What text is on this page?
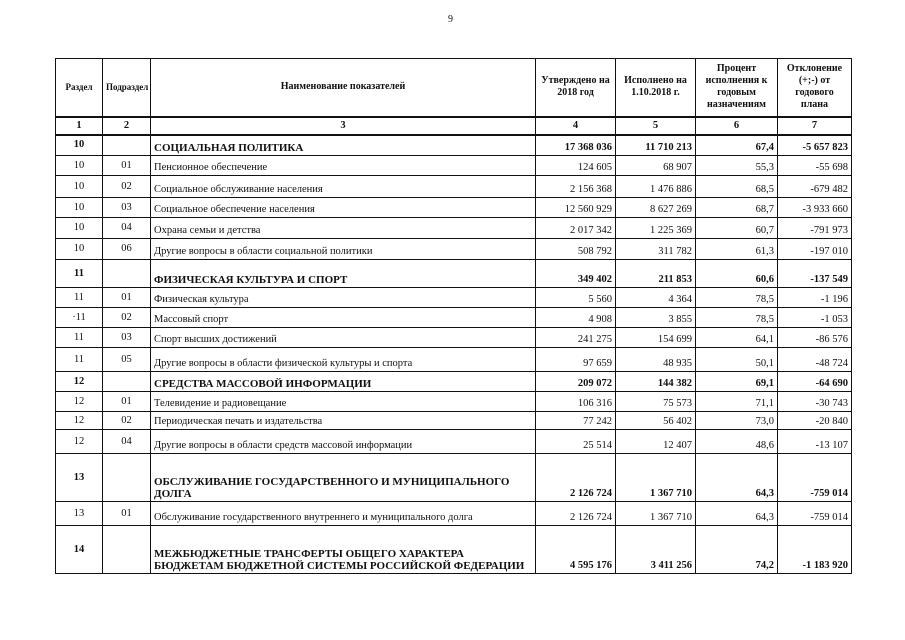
9
Раздел	Подраздел	Наименование показателей	Утверждено на 2018 год	Исполнено на 1.10.2018 г.	Процент исполнения к годовым назначениям	Отклонение (+;-) от годового плана
1	2	3	4	5	6	7
10		СОЦИАЛЬНАЯ ПОЛИТИКА	17 368 036	11 710 213	67,4	-5 657 823
10	01	Пенсионное обеспечение	124 605	68 907	55,3	-55 698
10	02	Социальное обслуживание населения	2 156 368	1 476 886	68,5	-679 482
10	03	Социальное обеспечение населения	12 560 929	8 627 269	68,7	-3 933 660
10	04	Охрана семьи и детства	2 017 342	1 225 369	60,7	-791 973
10	06	Другие вопросы в области социальной политики	508 792	311 782	61,3	-197 010
11		ФИЗИЧЕСКАЯ КУЛЬТУРА И СПОРТ	349 402	211 853	60,6	-137 549
11	01	Физическая культура	5 560	4 364	78,5	-1 196
·11	02	Массовый спорт	4 908	3 855	78,5	-1 053
11	03	Спорт высших достижений	241 275	154 699	64,1	-86 576
11	05	Другие вопросы в области физической культуры и спорта	97 659	48 935	50,1	-48 724
12		СРЕДСТВА МАССОВОЙ ИНФОРМАЦИИ	209 072	144 382	69,1	-64 690
12	01	Телевидение и радиовещание	106 316	75 573	71,1	-30 743
12	02	Периодическая печать и издательства	77 242	56 402	73,0	-20 840
12	04	Другие вопросы в области средств массовой информации	25 514	12 407	48,6	-13 107
13		ОБСЛУЖИВАНИЕ ГОСУДАРСТВЕННОГО И МУНИЦИПАЛЬНОГО ДОЛГА	2 126 724	1 367 710	64,3	-759 014
13	01	Обслуживание государственного внутреннего и муниципального долга	2 126 724	1 367 710	64,3	-759 014
14		МЕЖБЮДЖЕТНЫЕ ТРАНСФЕРТЫ ОБЩЕГО ХАРАКТЕРА БЮДЖЕТАМ БЮДЖЕТНОЙ СИСТЕМЫ РОССИЙСКОЙ ФЕДЕРАЦИИ	4 595 176	3 411 256	74,2	-1 183 920
